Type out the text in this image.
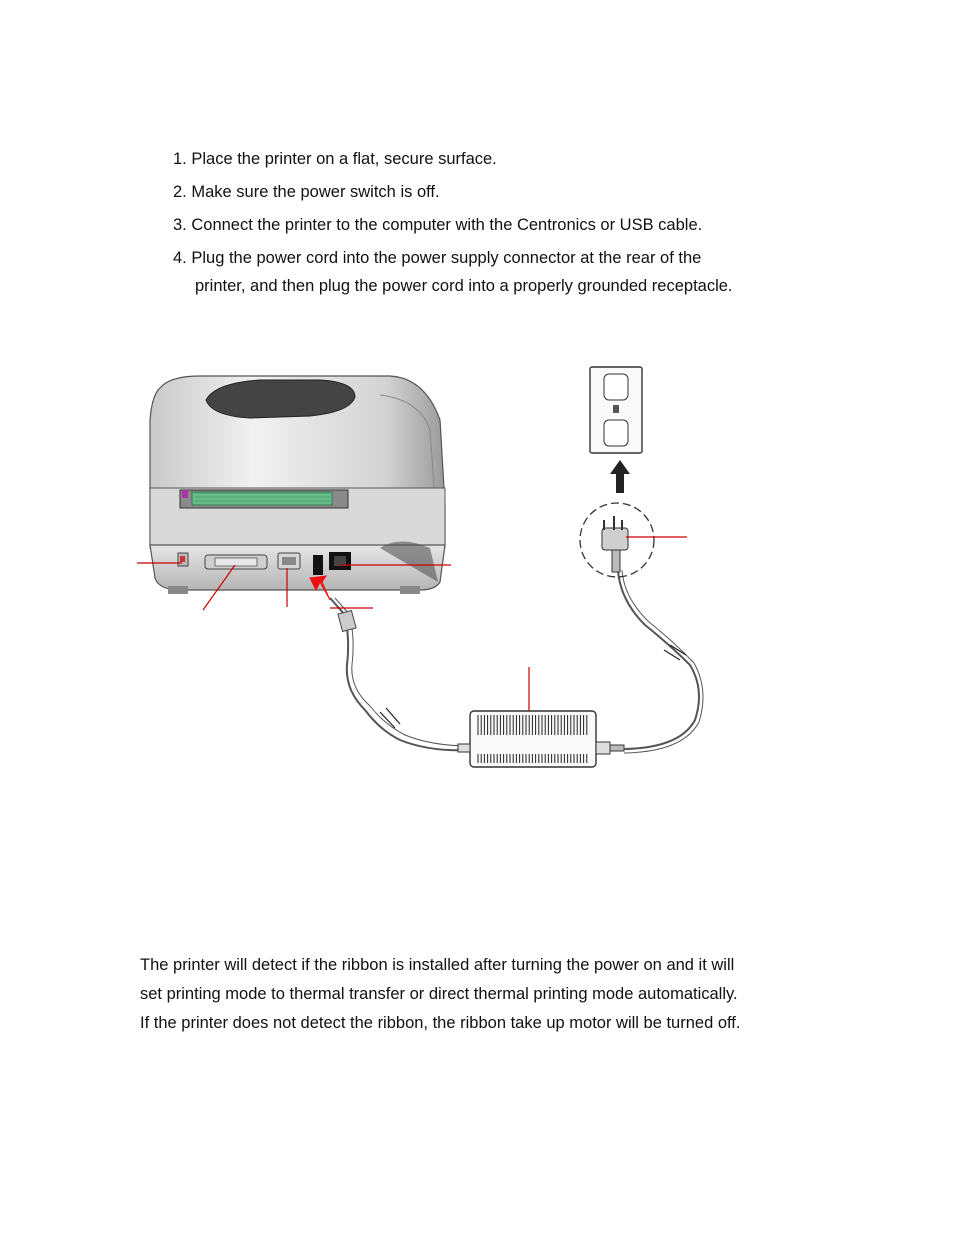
1. Place the printer on a flat, secure surface.
2. Make sure the power switch is off.
3. Connect the printer to the computer with the Centronics or USB cable.
4. Plug the power cord into the power supply connector at the rear of the
printer, and then plug the power cord into a properly grounded receptacle.
The printer will detect if the ribbon is installed after turning the power on and it will
set printing mode to thermal transfer or direct thermal printing mode automatically.
If the printer does not detect the ribbon, the ribbon take up motor will be turned off.
